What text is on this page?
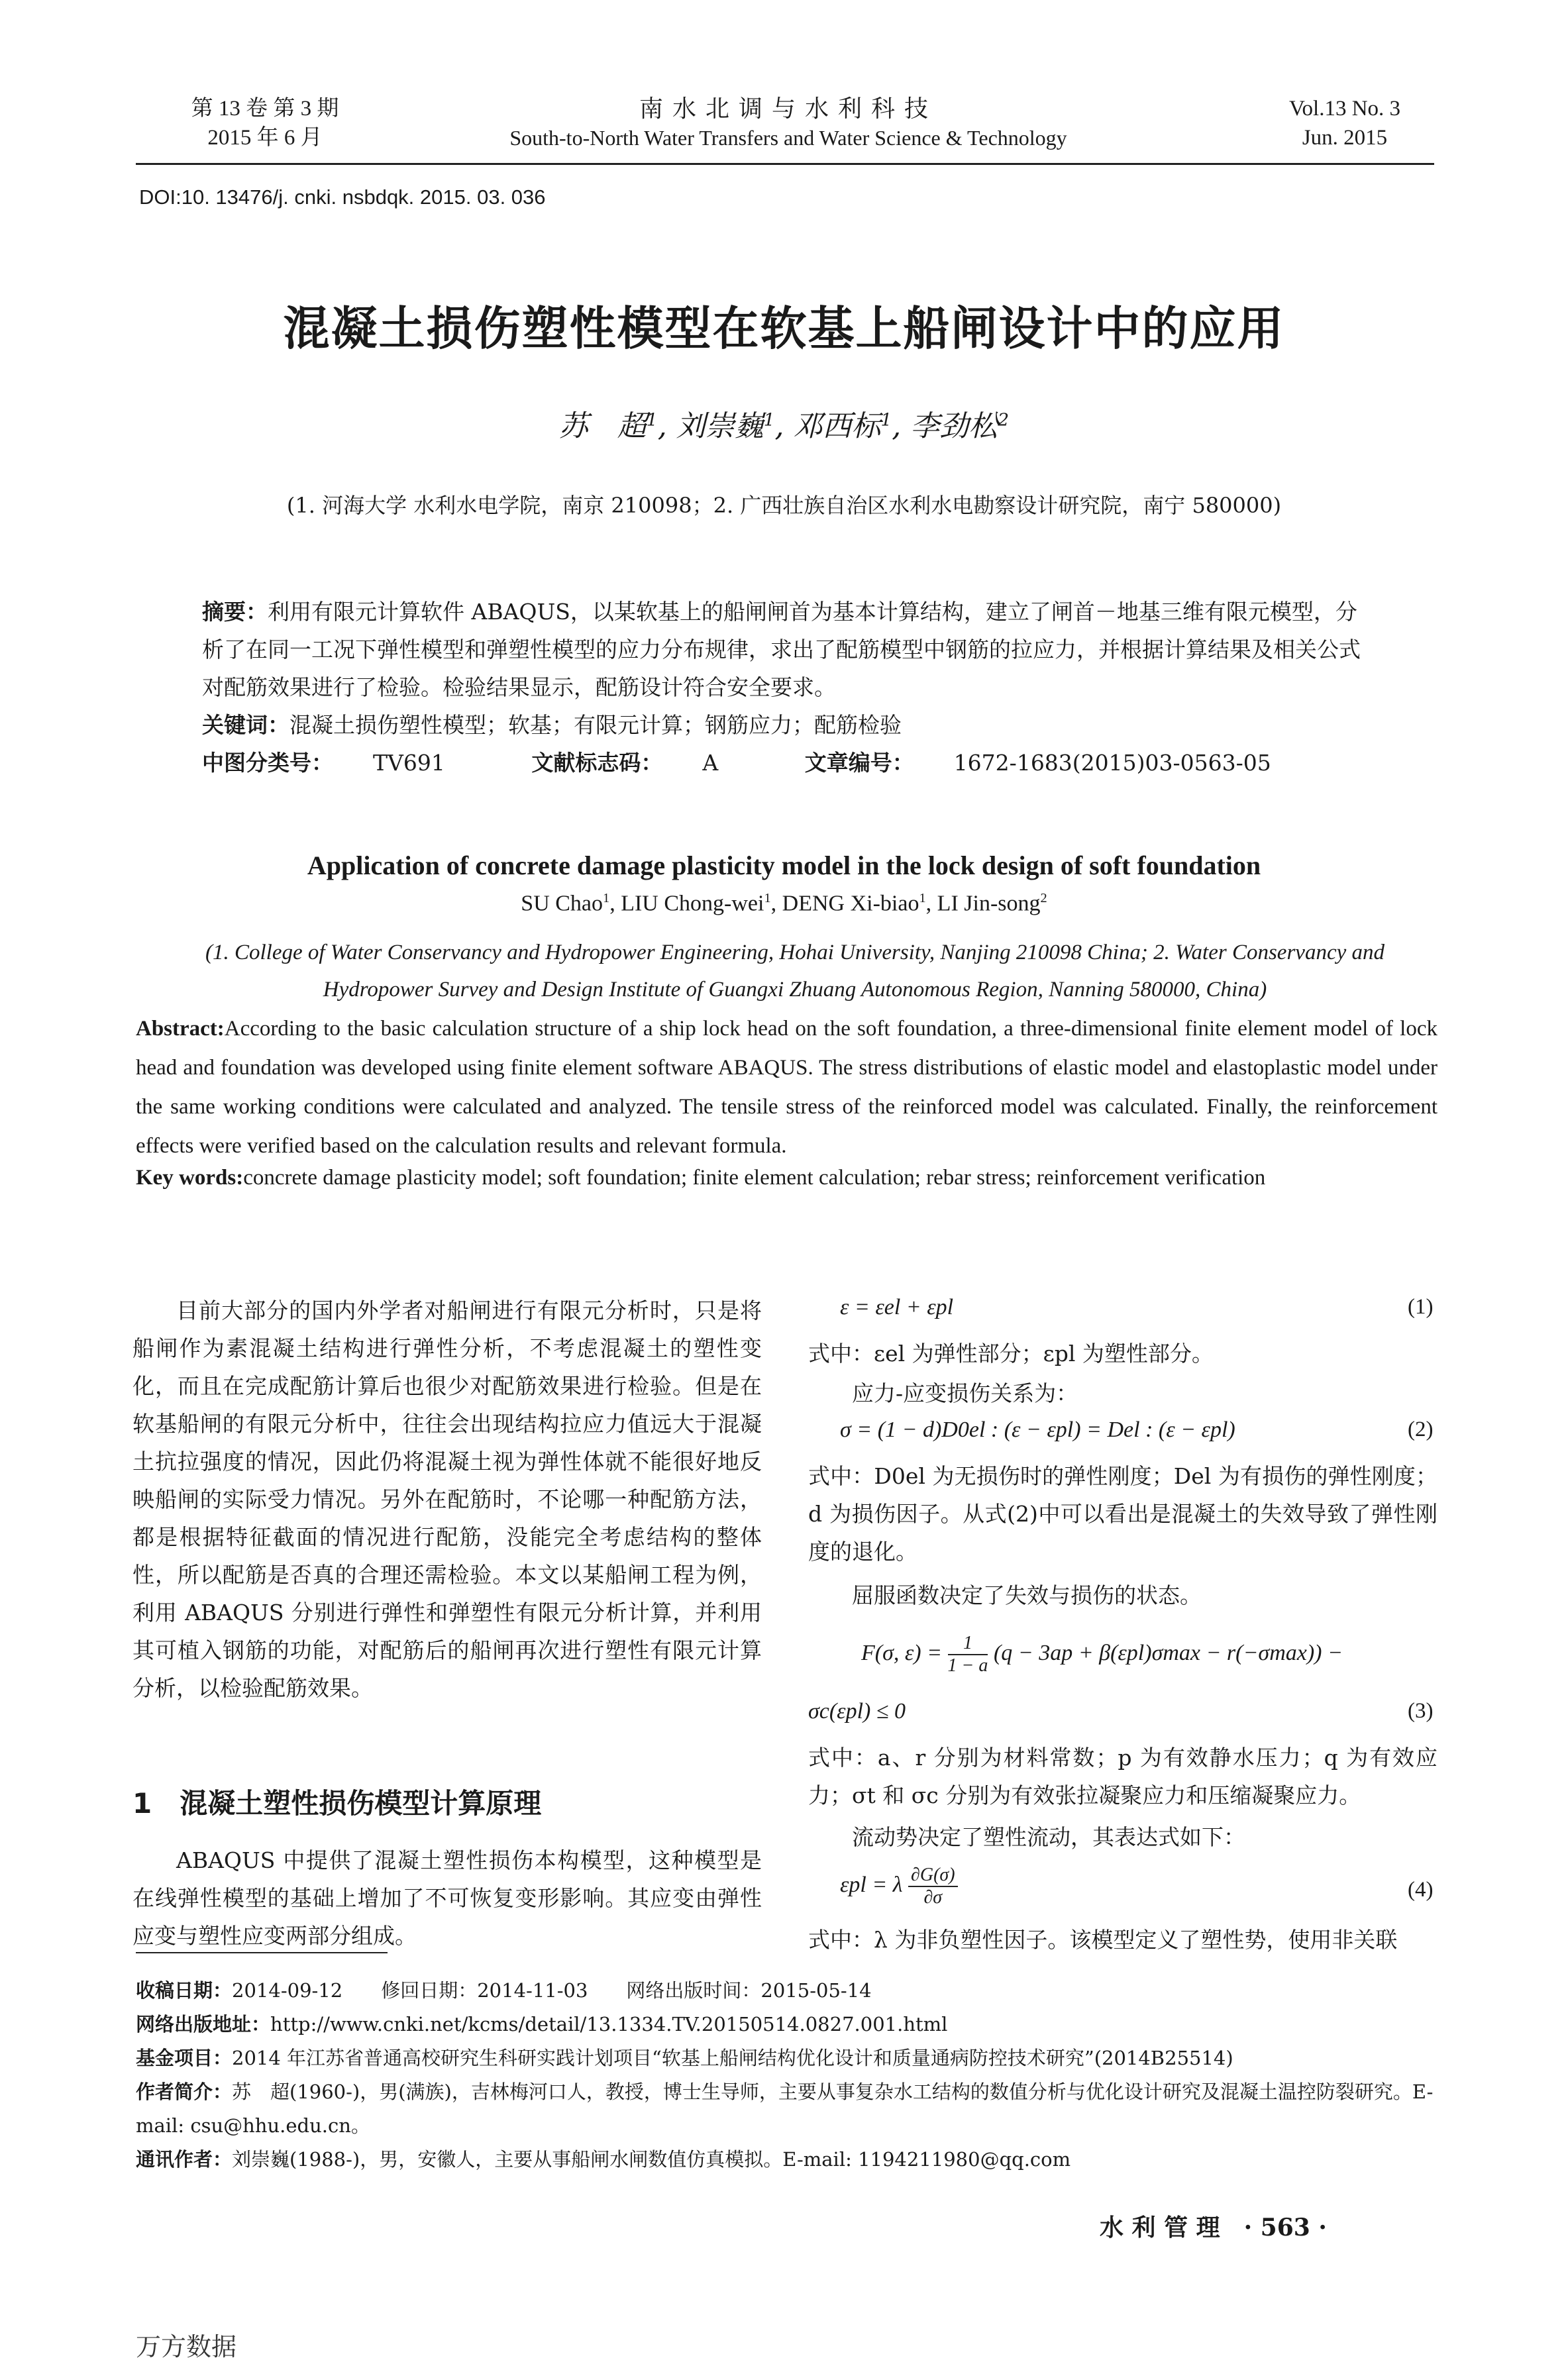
第 13 卷 第 3 期
2015 年 6 月
南水北调与水利科技
South-to-North Water Transfers and Water Science & Technology
Vol.13 No. 3
Jun. 2015
DOI:10. 13476/j. cnki. nsbdqk. 2015. 03. 036
混凝土损伤塑性模型在软基上船闸设计中的应用
苏　超$^1$, 刘崇巍$^1$, 邓西标$^1$, 李劲松$^2$
(1. 河海大学 水利水电学院，南京 210098；2. 广西壮族自治区水利水电勘察设计研究院，南宁 580000)
摘要：利用有限元计算软件 ABAQUS，以某软基上的船闸闸首为基本计算结构，建立了闸首－地基三维有限元模型，分析了在同一工况下弹性模型和弹塑性模型的应力分布规律，求出了配筋模型中钢筋的拉应力，并根据计算结果及相关公式对配筋效果进行了检验。检验结果显示，配筋设计符合安全要求。
关键词：混凝土损伤塑性模型；软基；有限元计算；钢筋应力；配筋检验
中图分类号： TV691	文献标志码： A	文章编号： 1672-1683(2015)03-0563-05
Application of concrete damage plasticity model in the lock design of soft foundation
SU Chao$^1$, LIU Chong-wei$^1$, DENG Xi-biao$^1$, LI Jin-song$^2$
(1. College of Water Conservancy and Hydropower Engineering, Hohai University, Nanjing 210098 China; 2. Water Conservancy and Hydropower Survey and Design Institute of Guangxi Zhuang Autonomous Region, Nanning 580000, China)
Abstract:According to the basic calculation structure of a ship lock head on the soft foundation, a three-dimensional finite element model of lock head and foundation was developed using finite element software ABAQUS. The stress distributions of elastic model and elastoplastic model under the same working conditions were calculated and analyzed. The tensile stress of the reinforced model was calculated. Finally, the reinforcement effects were verified based on the calculation results and relevant formula.
Key words:concrete damage plasticity model; soft foundation; finite element calculation; rebar stress; reinforcement verification
目前大部分的国内外学者对船闸进行有限元分析时，只是将船闸作为素混凝土结构进行弹性分析，不考虑混凝土的塑性变化，而且在完成配筋计算后也很少对配筋效果进行检验。但是在软基船闸的有限元分析中，往往会出现结构拉应力值远大于混凝土抗拉强度的情况，因此仍将混凝土视为弹性体就不能很好地反映船闸的实际受力情况。另外在配筋时，不论哪一种配筋方法，都是根据特征截面的情况进行配筋，没能完全考虑结构的整体性，所以配筋是否真的合理还需检验。本文以某船闸工程为例，利用 ABAQUS 分别进行弹性和弹塑性有限元分析计算，并利用其可植入钢筋的功能，对配筋后的船闸再次进行塑性有限元计算分析，以检验配筋效果。
1　混凝土塑性损伤模型计算原理
ABAQUS 中提供了混凝土塑性损伤本构模型，这种模型是在线弹性模型的基础上增加了不可恢复变形影响。其应变由弹性应变与塑性应变两部分组成。
ε = εel + εpl	(1)
式中：εel 为弹性部分；εpl 为塑性部分。
应力-应变损伤关系为：
σ = (1 − d)D0el : (ε − εpl) = Del : (ε − εpl)	(2)
式中：D0el 为无损伤时的弹性刚度；Del 为有损伤的弹性刚度；d 为损伤因子。从式(2)中可以看出是混凝土的失效导致了弹性刚度的退化。
屈服函数决定了失效与损伤的状态。
F(σ, $\varepsilon) = \frac{1}{1 - a} (q - 3ap + \beta(\varepsilon pl)\sigma\max - r(-\sigma\max))$ −
σc(εpl) ≤ 0	(3)
式中：a、r 分别为材料常数；p 为有效静水压力；q 为有效应力；σt 和 σc 分别为有效张拉凝聚应力和压缩凝聚应力。
流动势决定了塑性流动，其表达式如下：
εpl = λ $\frac{\partial G(\sigma)}{\partial\sigma}$	(4)
式中：λ 为非负塑性因子。该模型定义了塑性势，使用非关联
收稿日期：2014-09-12　　修回日期：2014-11-03　　网络出版时间：2015-05-14
网络出版地址：http://www.cnki.net/kcms/detail/13.1334.TV.20150514.0827.001.html
基金项目：2014 年江苏省普通高校研究生科研实践计划项目“软基上船闸结构优化设计和质量通病防控技术研究”(2014B25514)
作者简介：苏　超(1960-)，男(满族)，吉林梅河口人，教授，博士生导师，主要从事复杂水工结构的数值分析与优化设计研究及混凝土温控防裂研究。E-mail: csu@hhu.edu.cn。
通讯作者：刘崇巍(1988-)，男，安徽人，主要从事船闸水闸数值仿真模拟。E-mail: 1194211980@qq.com
水 利 管 理　· 563 ·
万方数据
